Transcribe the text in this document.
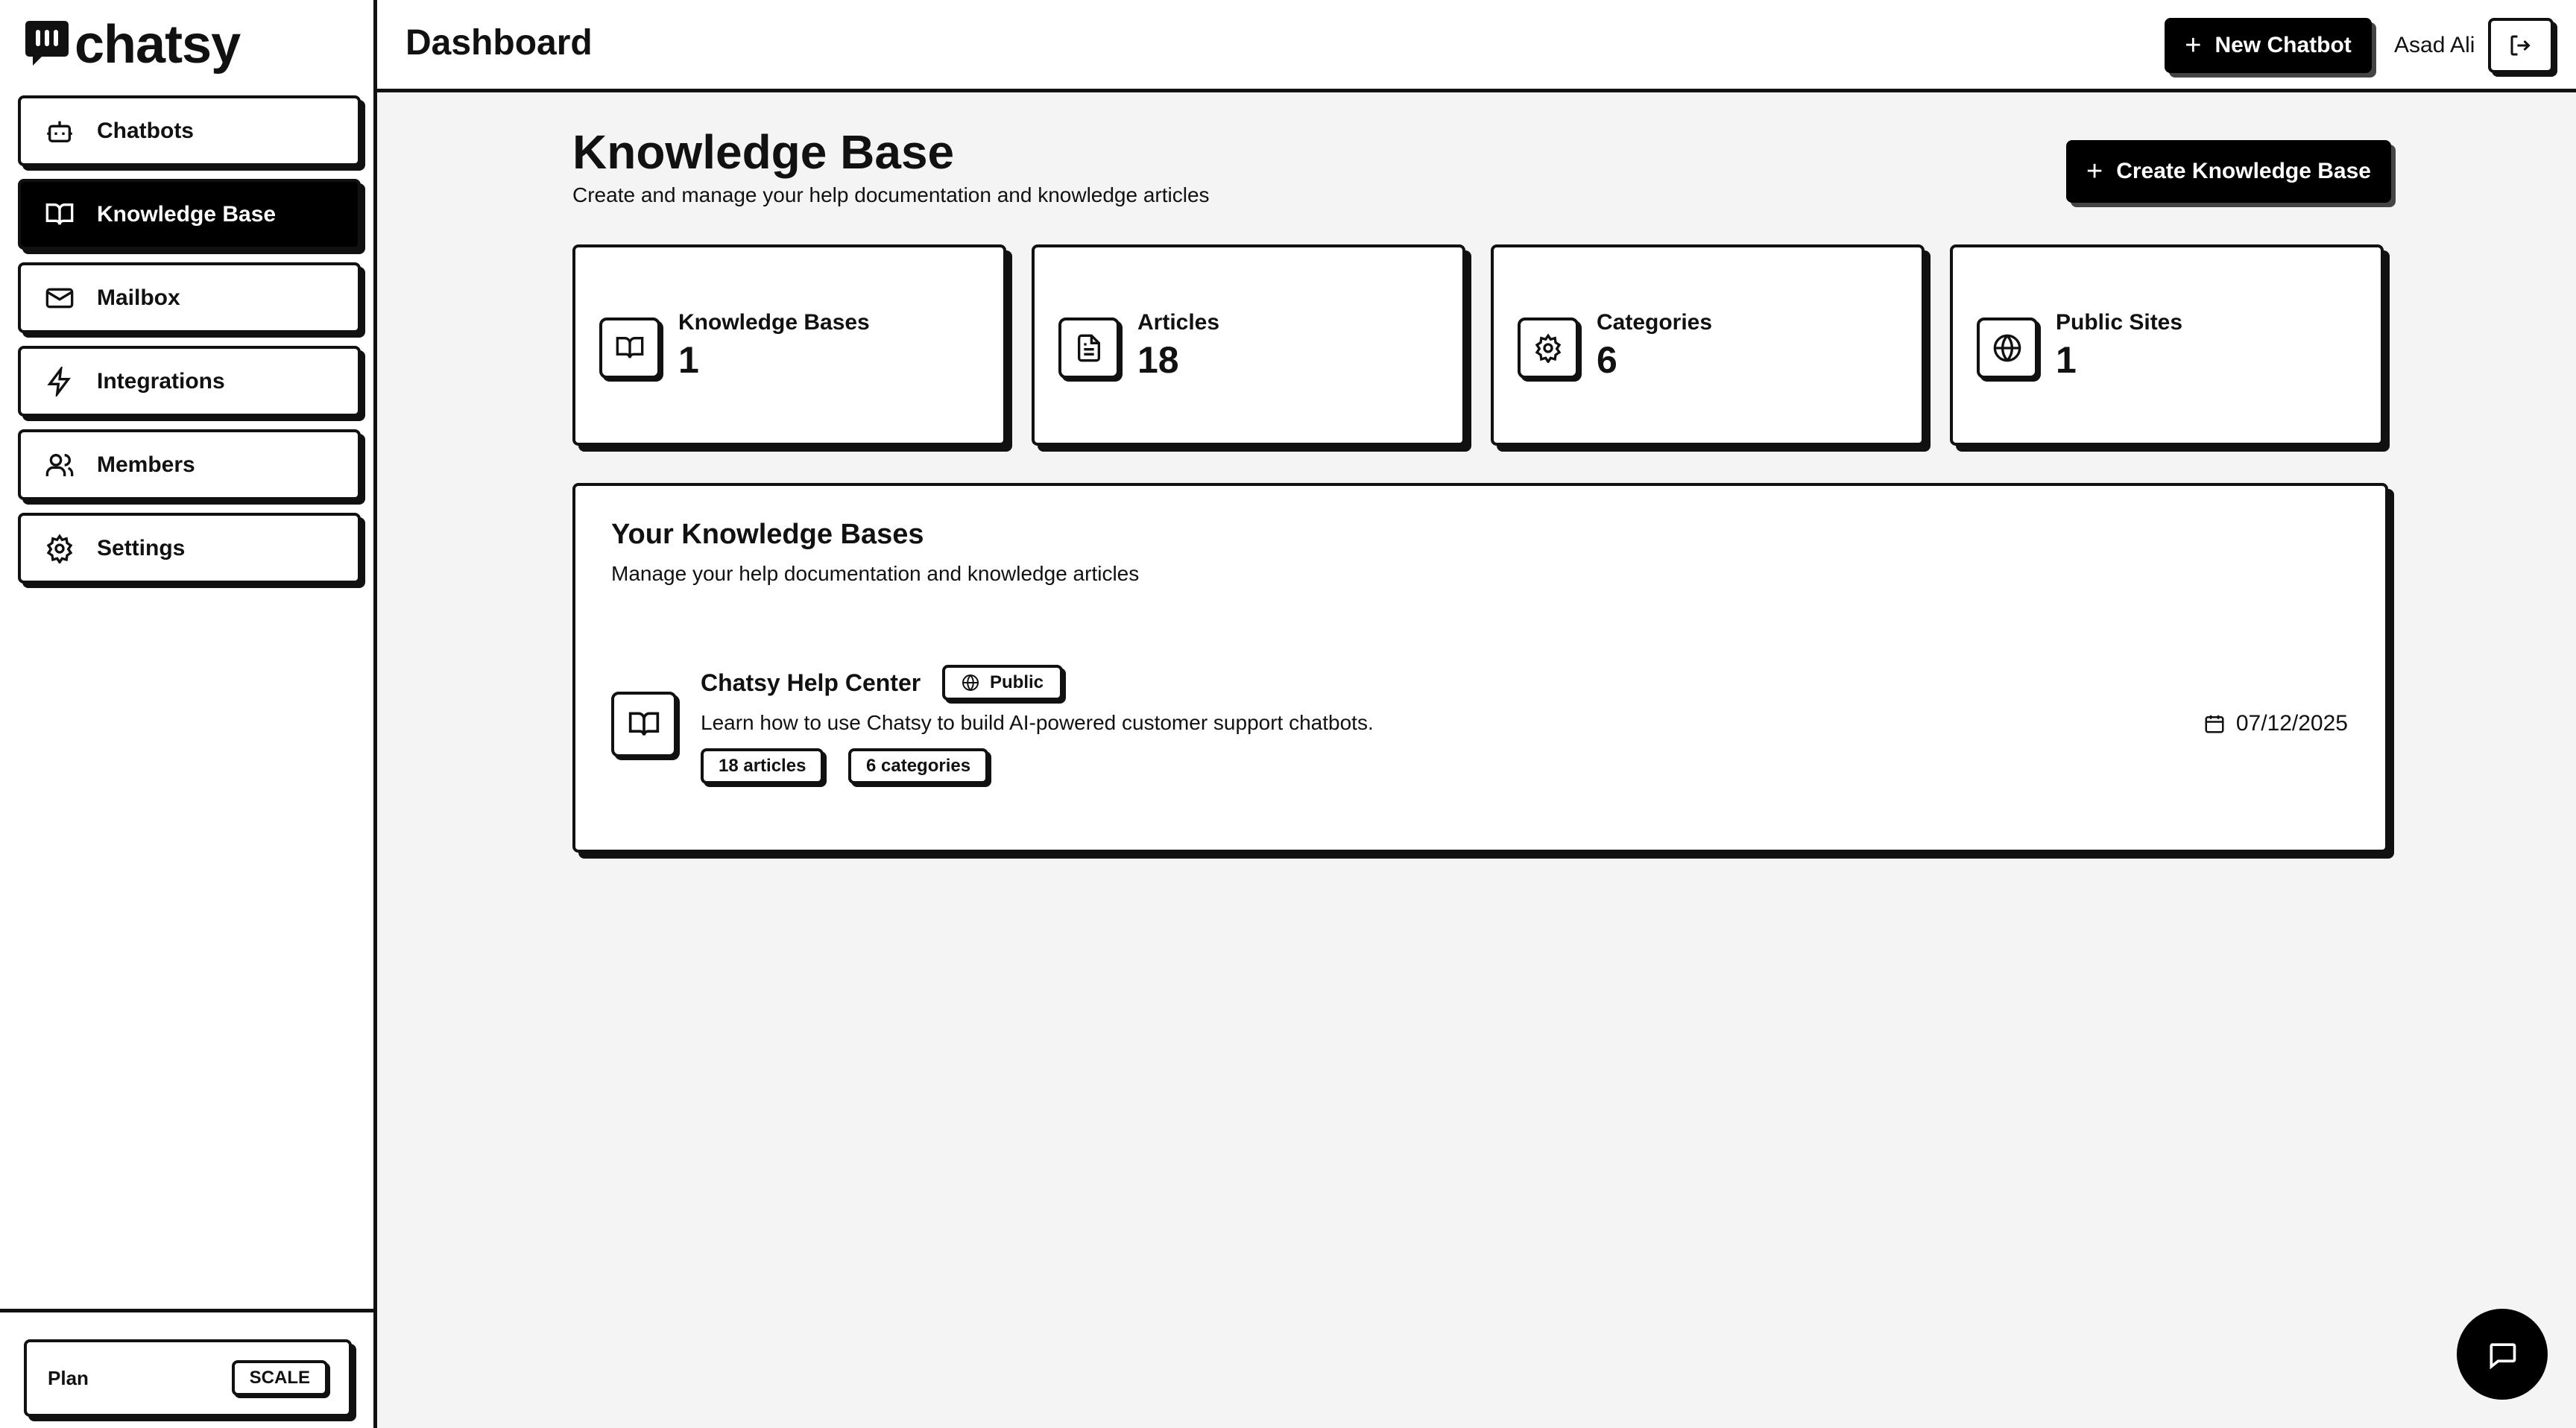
chatsy
Chatbots
Knowledge Base
Mailbox
Integrations
Members
Settings
Plan	SCALE
Dashboard	+ New Chatbot Asad Ali
Knowledge Base

Create and manage your help documentation and knowledge articles

+ Create Knowledge Base
Knowledge Bases
1
Articles
18
Categories
6
Public Sites
1
Your Knowledge Bases

Manage your help documentation and knowledge articles

Chatsy Help Center	Public
Learn how to use Chatsy to build AI-powered customer support chatbots.
18 articles	6 categories
07/12/2025
